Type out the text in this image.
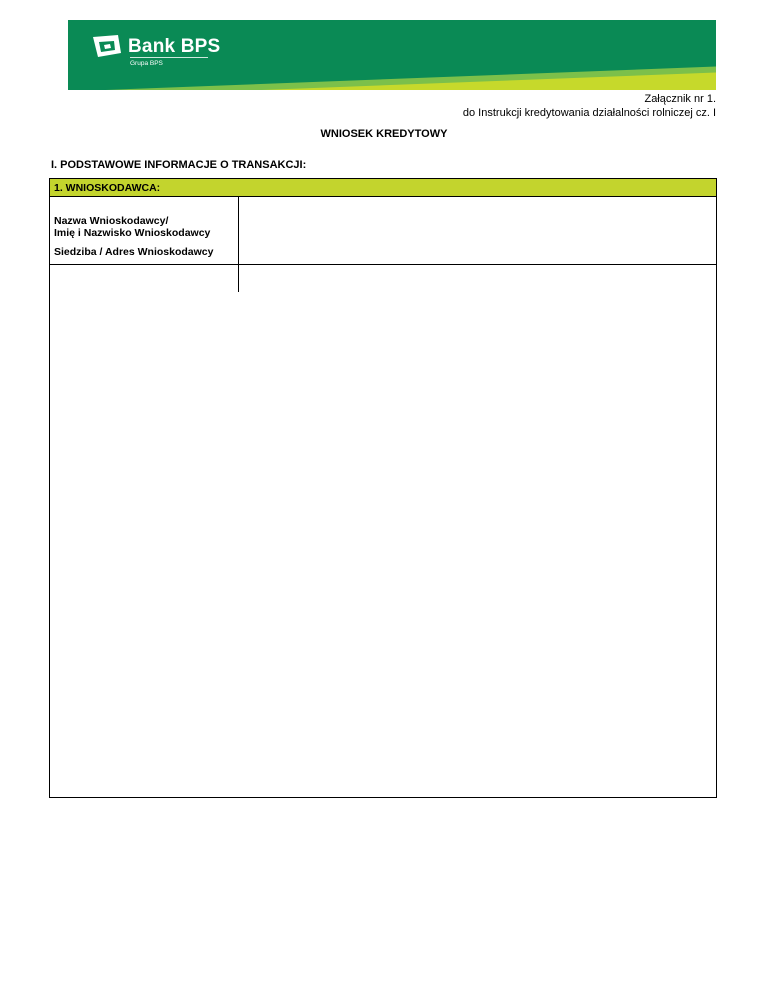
Bank BPS
Grupa BPS
Załącznik nr 1.
do Instrukcji kredytowania działalności rolniczej cz. I
WNIOSEK KREDYTOWY
I. PODSTAWOWE INFORMACJE O TRANSAKCJI:
1. WNIOSKODAWCA:
Nazwa Wnioskodawcy/
Imię i Nazwisko Wnioskodawcy
Siedziba / Adres Wnioskodawcy
